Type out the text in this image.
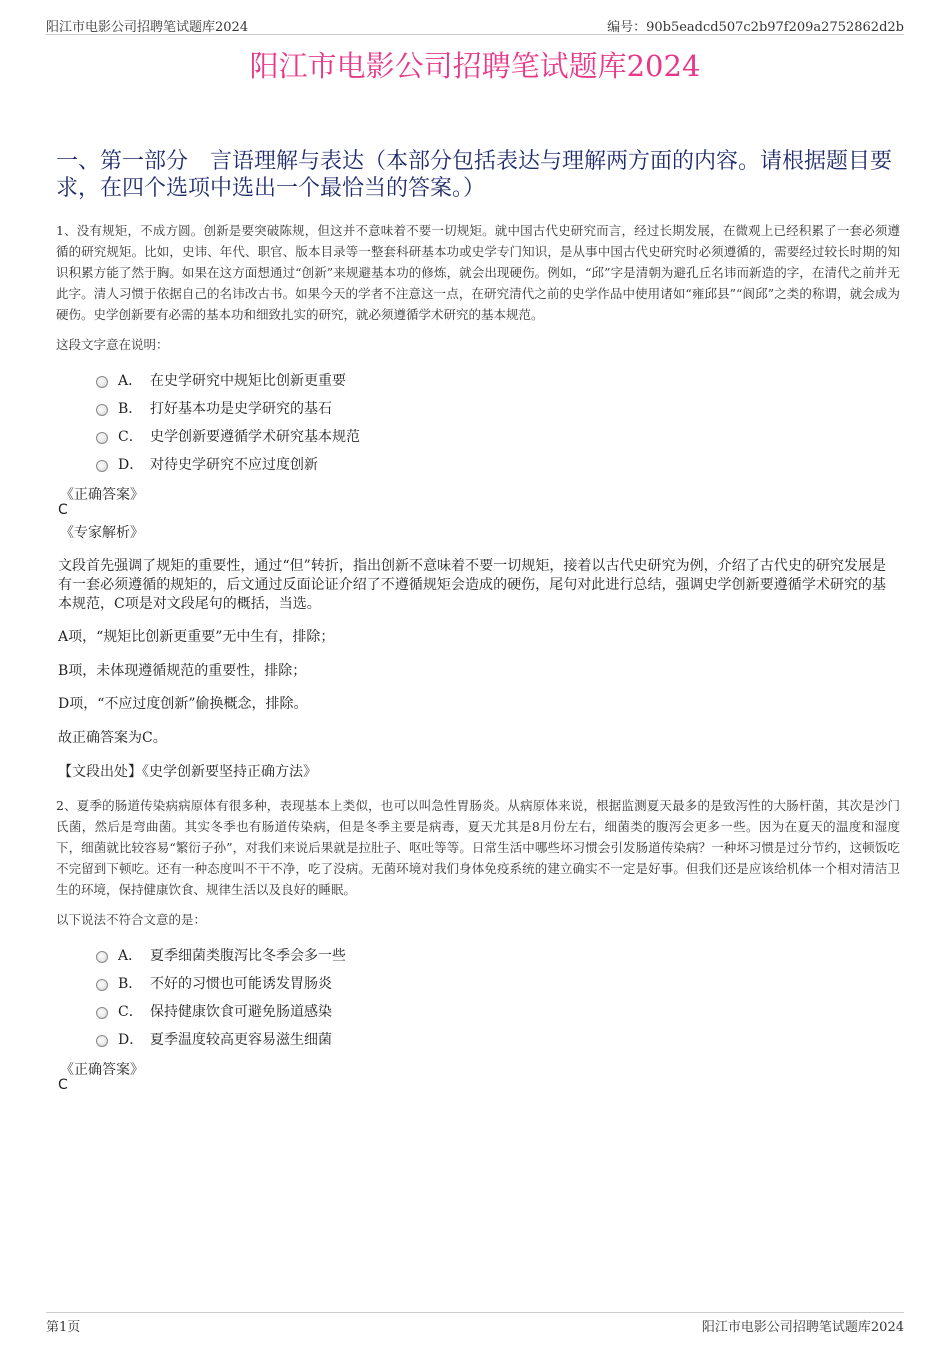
阳江市电影公司招聘笔试题库2024	编号：90b5eadcd507c2b97f209a2752862d2b
阳江市电影公司招聘笔试题库2024
一、第一部分　言语理解与表达（本部分包括表达与理解两方面的内容。请根据题目要求，在四个选项中选出一个最恰当的答案。）
1、没有规矩，不成方圆。创新是要突破陈规，但这并不意味着不要一切规矩。就中国古代史研究而言，经过长期发展，在微观上已经积累了一套必须遵循的研究规矩。比如，史讳、年代、职官、版本目录等一整套科研基本功或史学专门知识，是从事中国古代史研究时必须遵循的，需要经过较长时期的知识积累方能了然于胸。如果在这方面想通过“创新”来规避基本功的修炼，就会出现硬伤。例如，“邱”字是清朝为避孔丘名讳而新造的字，在清代之前并无此字。清人习惯于依据自己的名讳改古书。如果今天的学者不注意这一点，在研究清代之前的史学作品中使用诸如“雍邱县”“阆邱”之类的称谓，就会成为硬伤。史学创新要有必需的基本功和细致扎实的研究，就必须遵循学术研究的基本规范。
这段文字意在说明：
A． 在史学研究中规矩比创新更重要
B． 打好基本功是史学研究的基石
C． 史学创新要遵循学术研究基本规范
D． 对待史学研究不应过度创新
《正确答案》
C
《专家解析》
文段首先强调了规矩的重要性，通过“但”转折，指出创新不意味着不要一切规矩，接着以古代史研究为例，介绍了古代史的研究发展是有一套必须遵循的规矩的，后文通过反面论证介绍了不遵循规矩会造成的硬伤，尾句对此进行总结，强调史学创新要遵循学术研究的基本规范，C项是对文段尾句的概括，当选。
A项，“规矩比创新更重要”无中生有，排除；
B项，未体现遵循规范的重要性，排除；
D项，“不应过度创新”偷换概念，排除。
故正确答案为C。
【文段出处】《史学创新要坚持正确方法》
2、夏季的肠道传染病病原体有很多种，表现基本上类似，也可以叫急性胃肠炎。从病原体来说，根据监测夏天最多的是致泻性的大肠杆菌，其次是沙门氏菌，然后是弯曲菌。其实冬季也有肠道传染病，但是冬季主要是病毒，夏天尤其是8月份左右，细菌类的腹泻会更多一些。因为在夏天的温度和湿度下，细菌就比较容易“繁衍子孙”，对我们来说后果就是拉肚子、呕吐等等。日常生活中哪些坏习惯会引发肠道传染病？一种坏习惯是过分节约，这顿饭吃不完留到下顿吃。还有一种态度叫不干不净，吃了没病。无菌环境对我们身体免疫系统的建立确实不一定是好事。但我们还是应该给机体一个相对清洁卫生的环境，保持健康饮食、规律生活以及良好的睡眠。
以下说法不符合文意的是：
A． 夏季细菌类腹泻比冬季会多一些
B． 不好的习惯也可能诱发胃肠炎
C． 保持健康饮食可避免肠道感染
D． 夏季温度较高更容易滋生细菌
《正确答案》
C
第1页	阳江市电影公司招聘笔试题库2024
